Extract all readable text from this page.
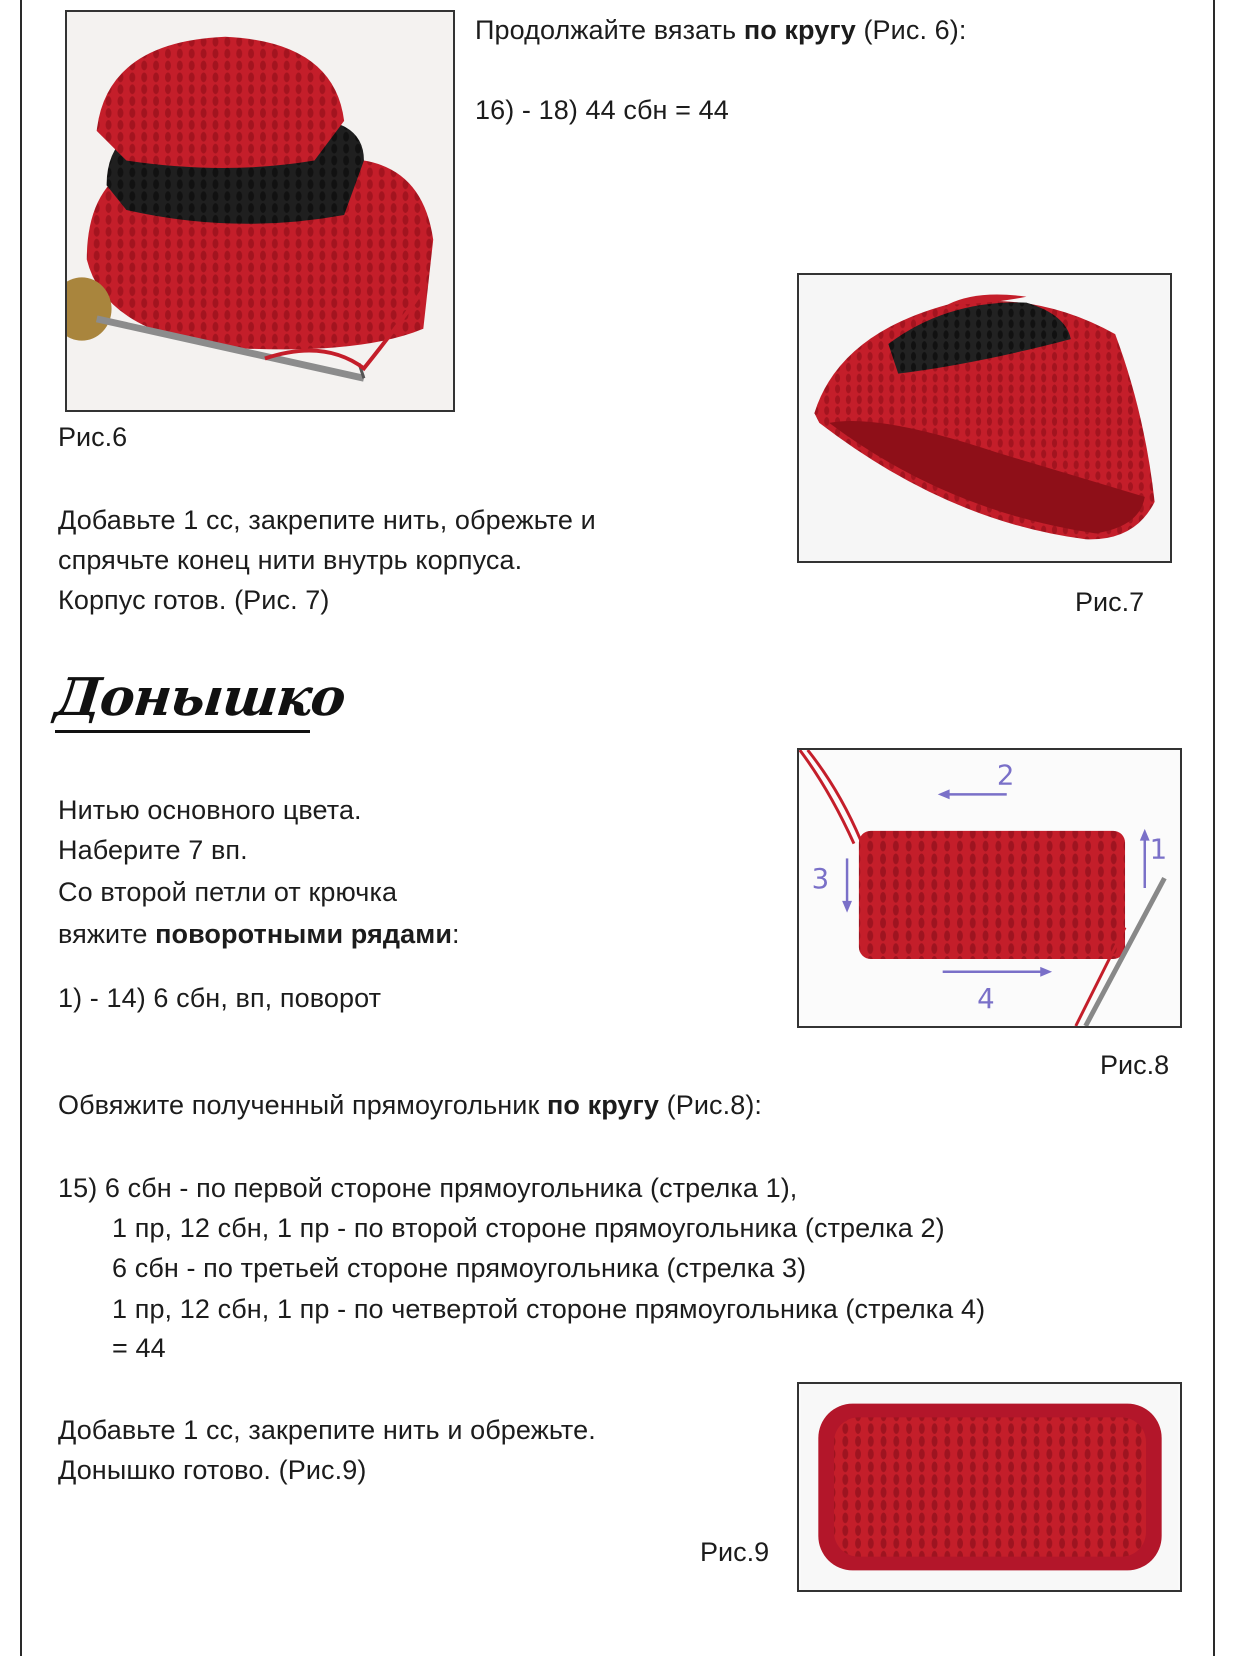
Продолжайте вязать по кругу (Рис. 6):
16) - 18) 44 сбн = 44
Рис.6
Добавьте 1 сс, закрепите нить, обрежьте и
спрячьте конец нити внутрь корпуса.
Корпус готов. (Рис. 7)	Рис.7
Донышко
Нитью основного цвета.
Наберите 7 вп.
Со второй петли от крючка
вяжите поворотными рядами:
1) - 14) 6 сбн, вп, поворот
2
1
3
4
Рис.8
Обвяжите полученный прямоугольник по кругу (Рис.8):
15) 6 сбн - по первой стороне прямоугольника (стрелка 1),
1 пр, 12 сбн, 1 пр - по второй стороне прямоугольника (стрелка 2)
6 сбн - по третьей стороне прямоугольника (стрелка 3)
1 пр, 12 сбн, 1 пр - по четвертой стороне прямоугольника (стрелка 4)
= 44
Добавьте 1 сс, закрепите нить и обрежьте.
Донышко готово. (Рис.9)
Рис.9
